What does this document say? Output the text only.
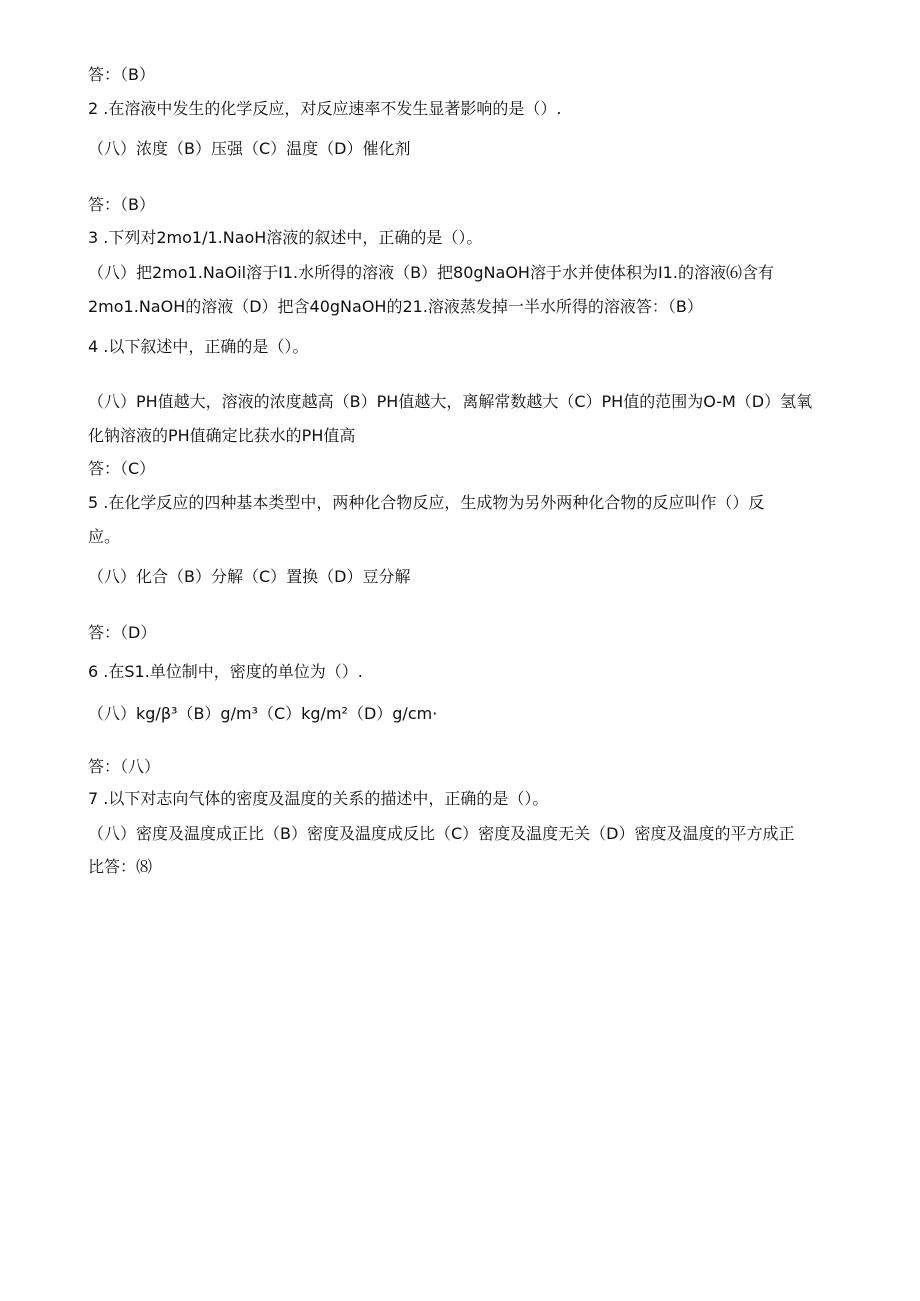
答：（B）
2 .在溶液中发生的化学反应，对反应速率不发生显著影响的是（）.
（八）浓度（B）压强（C）温度（D）催化剂
答：（B）
3 .下列对2mo1/1.NaoH溶液的叙述中，正确的是（）。
（八）把2mo1.NaOil溶于I1.水所得的溶液（B）把80gNaOH溶于水并使体积为I1.的溶液⑹含有
2mo1.NaOH的溶液（D）把含40gNaOH的21.溶液蒸发掉一半水所得的溶液答：（B）
4 .以下叙述中，正确的是（）。
（八）PH值越大，溶液的浓度越高（B）PH值越大，离解常数越大（C）PH值的范围为O-M（D）氢氧
化钠溶液的PH值确定比获水的PH值高
答：（C）
5 .在化学反应的四种基本类型中，两种化合物反应，生成物为另外两种化合物的反应叫作（）反
应。
（八）化合（B）分解（C）置换（D）豆分解
答：（D）
6 .在S1.单位制中，密度的单位为（）.
（八）kg∕β³（B）g∕m³（C）kg∕m²（D）g∕cm·
答：（八）
7 .以下对志向气体的密度及温度的关系的描述中，正确的是（）。
（八）密度及温度成正比（B）密度及温度成反比（C）密度及温度无关（D）密度及温度的平方成正
比答：⑻
